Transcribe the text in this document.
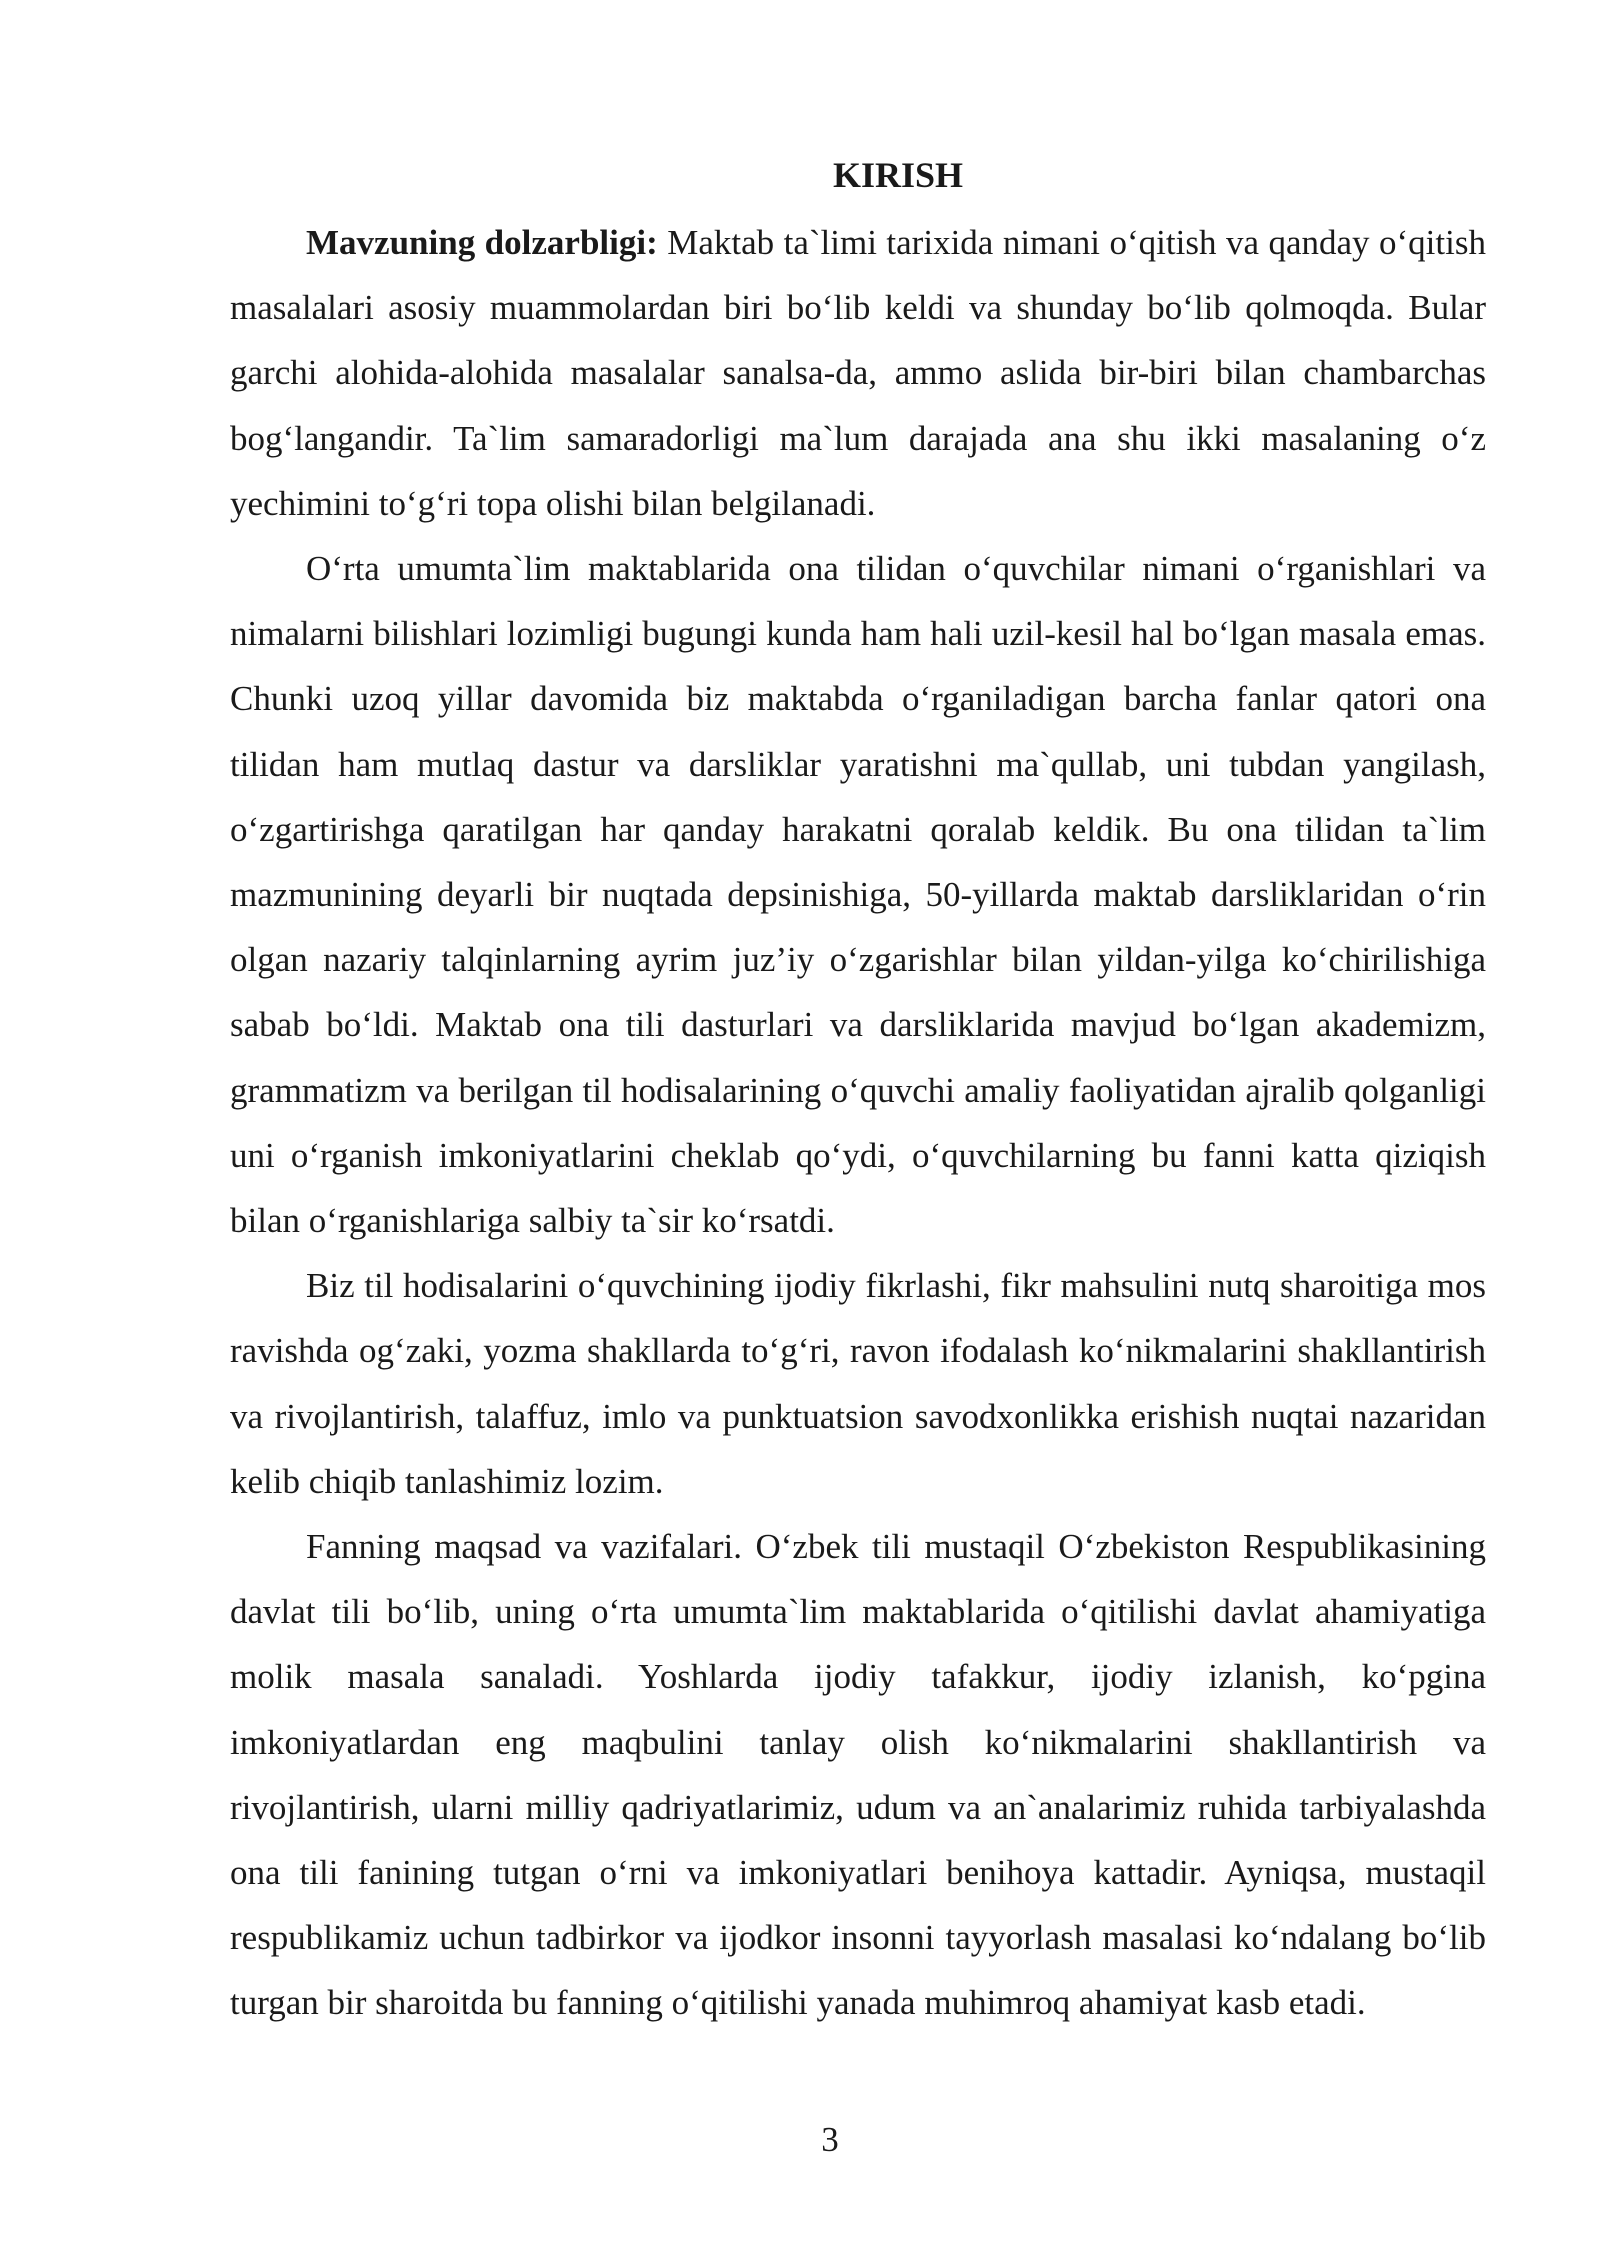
KIRISH

Mavzuning dolzarbligi: Maktab ta`limi tarixida nimani o‘qitish va qanday o‘qitish masalalari asosiy muammolardan biri bo‘lib keldi va shunday bo‘lib qolmoqda. Bular garchi alohida-alohida masalalar sanalsa-da, ammo aslida bir-biri bilan chambarchas bog‘langandir. Ta`lim samaradorligi ma`lum darajada ana shu ikki masalaning o‘z yechimini to‘g‘ri topa olishi bilan belgilanadi.

O‘rta umumta`lim maktablarida ona tilidan o‘quvchilar nimani o‘rganishlari va nimalarni bilishlari lozimligi bugungi kunda ham hali uzil-kesil hal bo‘lgan masala emas. Chunki uzoq yillar davomida biz maktabda o‘rganiladigan barcha fanlar qatori ona tilidan ham mutlaq dastur va darsliklar yaratishni ma`qullab, uni tubdan yangilash, o‘zgartirishga qaratilgan har qanday harakatni qoralab keldik. Bu ona tilidan ta`lim mazmunining deyarli bir nuqtada depsinishiga, 50-yillarda maktab darsliklaridan o‘rin olgan nazariy talqinlarning ayrim juz’iy o‘zgarishlar bilan yildan-yilga ko‘chirilishiga sabab bo‘ldi. Maktab ona tili dasturlari va darsliklarida mavjud bo‘lgan akademizm, grammatizm va berilgan til hodisalarining o‘quvchi amaliy faoliyatidan ajralib qolganligi uni o‘rganish imkoniyatlarini cheklab qo‘ydi, o‘quvchilarning bu fanni katta qiziqish bilan o‘rganishlariga salbiy ta`sir ko‘rsatdi.

Biz til hodisalarini o‘quvchining ijodiy fikrlashi, fikr mahsulini nutq sharoitiga mos ravishda og‘zaki, yozma shakllarda to‘g‘ri, ravon ifodalash ko‘nikmalarini shakllantirish va rivojlantirish, talaffuz, imlo va punktuatsion savodxonlikka erishish nuqtai nazaridan kelib chiqib tanlashimiz lozim.

Fanning maqsad va vazifalari. O‘zbek tili mustaqil O‘zbekiston Respublikasining davlat tili bo‘lib, uning o‘rta umumta`lim maktablarida o‘qitilishi davlat ahamiyatiga molik masala sanaladi. Yoshlarda ijodiy tafakkur, ijodiy izlanish, ko‘pgina imkoniyatlardan eng maqbulini tanlay olish ko‘nikmalarini shakllantirish va rivojlantirish, ularni milliy qadriyatlarimiz, udum va an`analarimiz ruhida tarbiyalashda ona tili fanining tutgan o‘rni va imkoniyatlari benihoya kattadir. Ayniqsa, mustaqil respublikamiz uchun tadbirkor va ijodkor insonni tayyorlash masalasi ko‘ndalang bo‘lib turgan bir sharoitda bu fanning o‘qitilishi yanada muhimroq ahamiyat kasb etadi.

3
